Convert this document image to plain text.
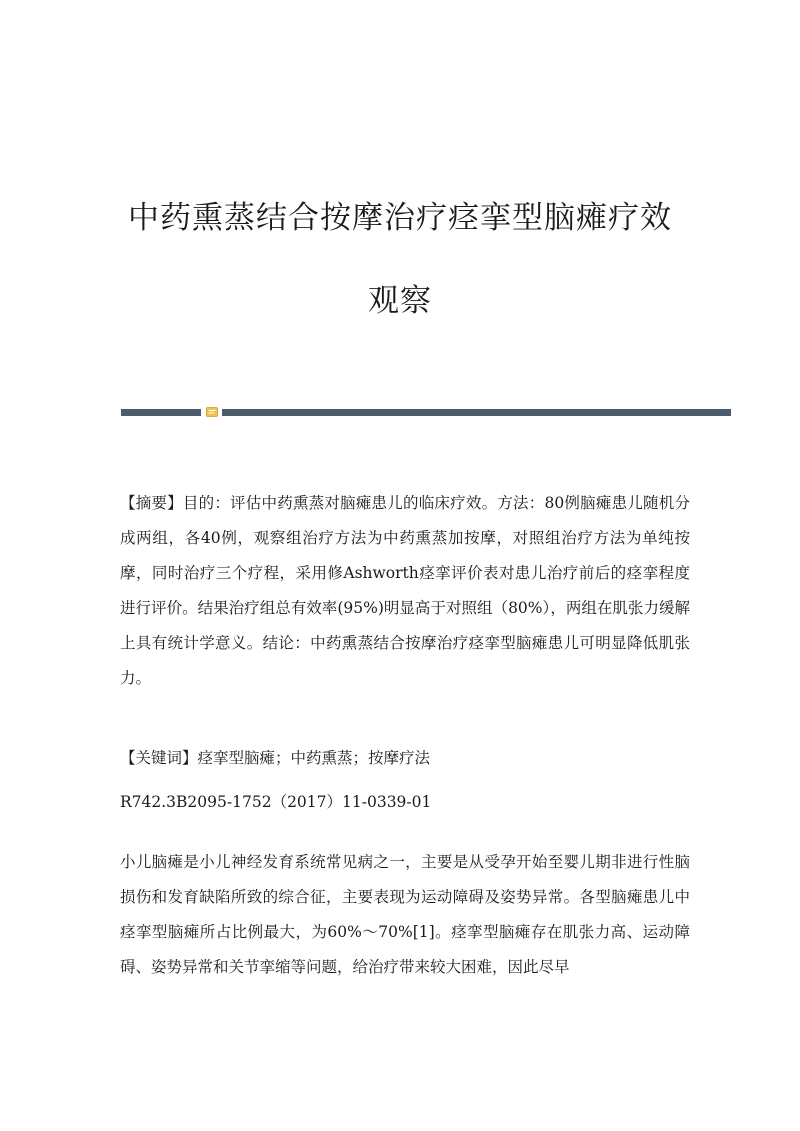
中药熏蒸结合按摩治疗痉挛型脑瘫疗效
观察

【摘要】目的：评估中药熏蒸对脑瘫患儿的临床疗效。方法：80例脑瘫患儿随机分成两组，各40例，观察组治疗方法为中药熏蒸加按摩，对照组治疗方法为单纯按摩，同时治疗三个疗程，采用修Ashworth痉挛评价表对患儿治疗前后的痉挛程度进行评价。结果治疗组总有效率(95%)明显高于对照组（80%），两组在肌张力缓解上具有统计学意义。结论：中药熏蒸结合按摩治疗痉挛型脑瘫患儿可明显降低肌张力。

【关键词】痉挛型脑瘫；中药熏蒸；按摩疗法

R742.3B2095-1752（2017）11-0339-01

小儿脑瘫是小儿神经发育系统常见病之一，主要是从受孕开始至婴儿期非进行性脑损伤和发育缺陷所致的综合征，主要表现为运动障碍及姿势异常。各型脑瘫患儿中痉挛型脑瘫所占比例最大，为60%～70%[1]。痉挛型脑瘫存在肌张力高、运动障碍、姿势异常和关节挛缩等问题，给治疗带来较大困难，因此尽早
